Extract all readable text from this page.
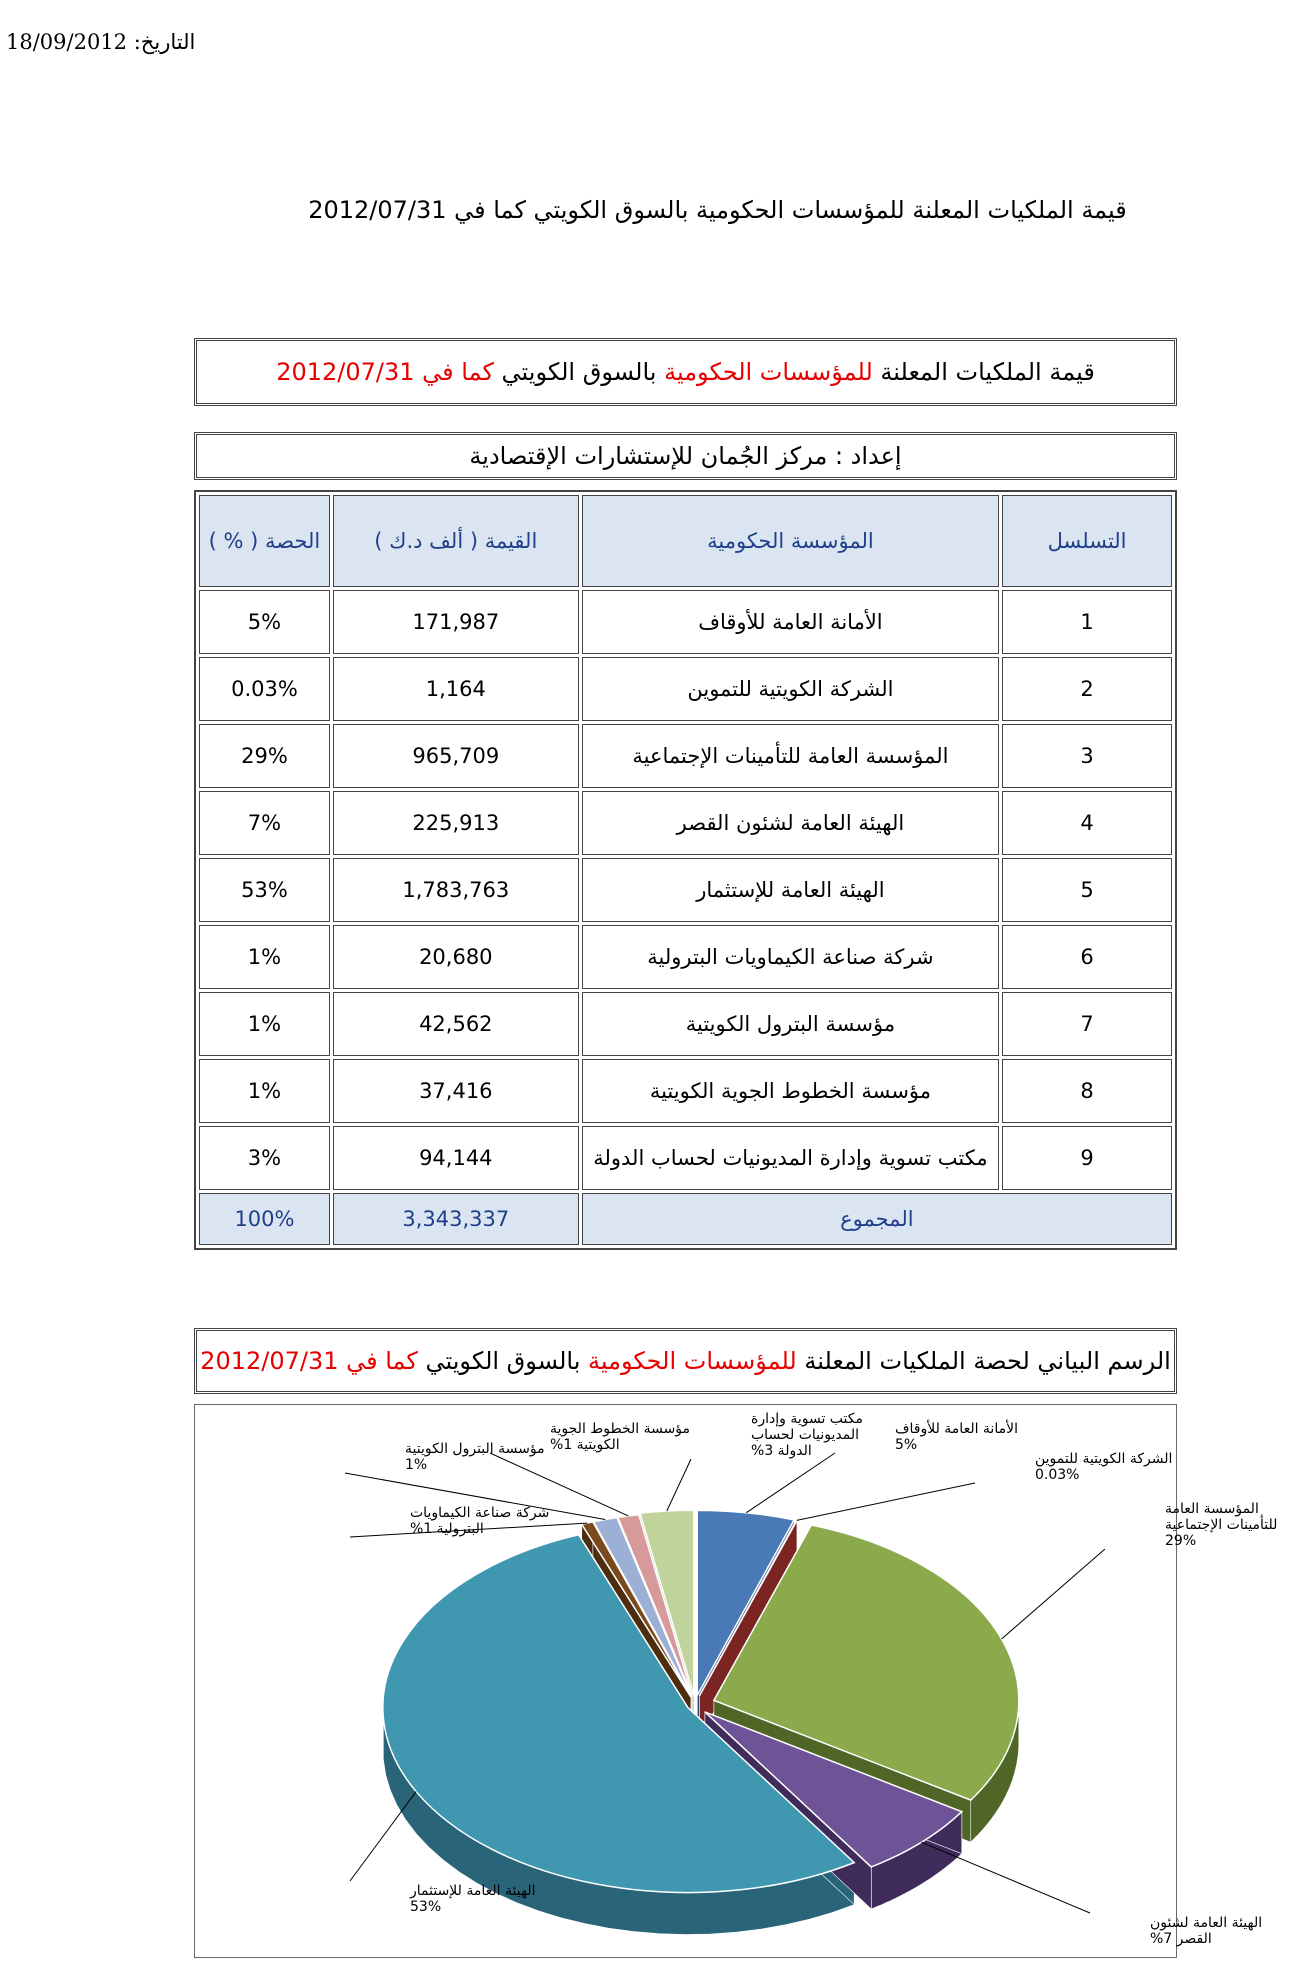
التاريخ: 18/09/2012
قيمة الملكيات المعلنة للمؤسسات الحكومية بالسوق الكويتي كما في 2012/07/31
قيمة الملكيات المعلنة للمؤسسات الحكومية بالسوق الكويتي كما في 2012/07/31
إعداد : مركز الجُمان للإستشارات الإقتصادية
التسلسل	المؤسسة الحكومية	القيمة ( ألف د.ك )	الحصة ( % )
1	الأمانة العامة للأوقاف	171,987	5%
2	الشركة الكويتية للتموين	1,164	0.03%
3	المؤسسة العامة للتأمينات الإجتماعية	965,709	29%
4	الهيئة العامة لشئون القصر	225,913	7%
5	الهيئة العامة للإستثمار	1,783,763	53%
6	شركة صناعة الكيماويات البترولية	20,680	1%
7	مؤسسة البترول الكويتية	42,562	1%
8	مؤسسة الخطوط الجوية الكويتية	37,416	1%
9	مكتب تسوية وإدارة المديونيات لحساب الدولة	94,144	3%
المجموع		3,343,337	100%
الرسم البياني لحصة الملكيات المعلنة للمؤسسات الحكومية بالسوق الكويتي كما في 2012/07/31
الأمانة العامة للأوقاف
5%
الشركة الكويتية للتموين
0.03%
المؤسسة العامة
للتأمينات الإجتماعية
29%
الهيئة العامة لشئون
القصر 7%
الهيئة العامة للإستثمار
53%
شركة صناعة الكيماويات
البترولية 1%
مؤسسة البترول الكويتية
1%
مؤسسة الخطوط الجوية
الكويتية 1%
مكتب تسوية وإدارة
المديونيات لحساب
الدولة 3%
